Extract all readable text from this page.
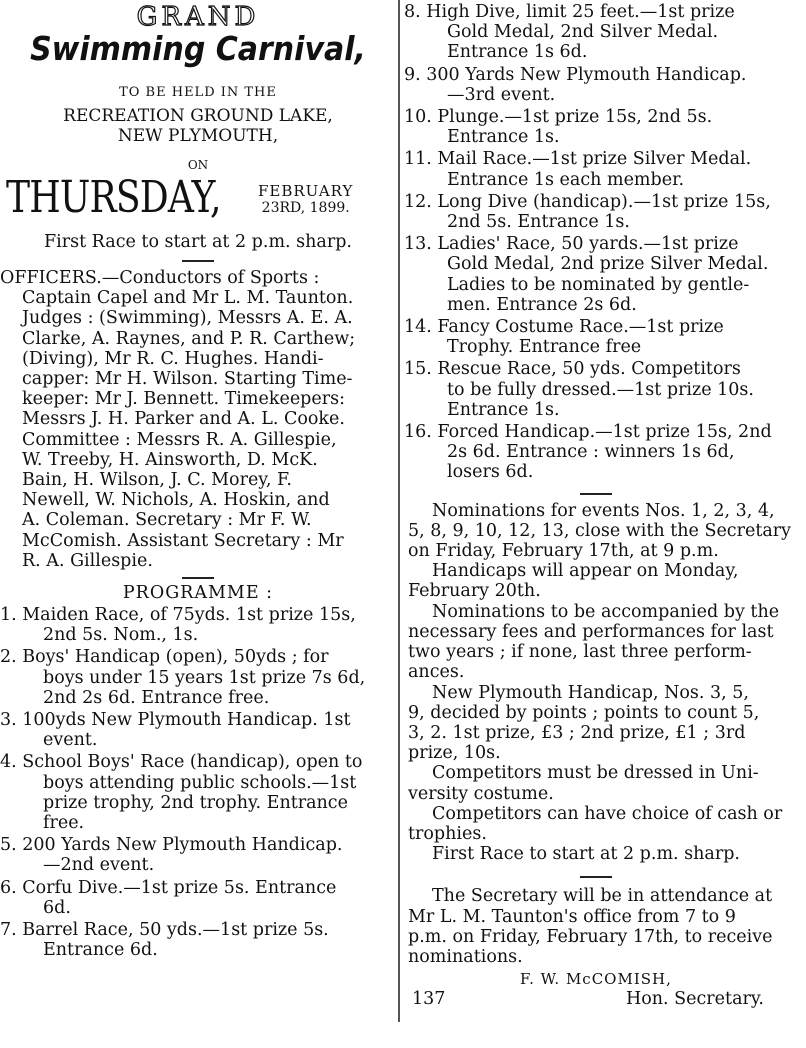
GRAND
Swimming Carnival,
TO BE HELD IN THE
RECREATION GROUND LAKE,
NEW PLYMOUTH,
ON
THURSDAY, FEBRUARY
23RD, 1899.
First Race to start at 2 p.m. sharp.
OFFICERS.—Conductors of Sports :
Captain Capel and Mr L. M. Taunton.
Judges : (Swimming), Messrs A. E. A.
Clarke, A. Raynes, and P. R. Carthew;
(Diving), Mr R. C. Hughes. Handi-
capper: Mr H. Wilson. Starting Time-
keeper: Mr J. Bennett. Timekeepers:
Messrs J. H. Parker and A. L. Cooke.
Committee : Messrs R. A. Gillespie,
W. Treeby, H. Ainsworth, D. McK.
Bain, H. Wilson, J. C. Morey, F.
Newell, W. Nichols, A. Hoskin, and
A. Coleman. Secretary : Mr F. W.
McComish. Assistant Secretary : Mr
R. A. Gillespie.
PROGRAMME :
1. Maiden Race, of 75yds. 1st prize 15s,
2nd 5s. Nom., 1s.
2. Boys' Handicap (open), 50yds ; for
boys under 15 years 1st prize 7s 6d,
2nd 2s 6d. Entrance free.
3. 100yds New Plymouth Handicap. 1st
event.
4. School Boys' Race (handicap), open to
boys attending public schools.—1st
prize trophy, 2nd trophy. Entrance
free.
5. 200 Yards New Plymouth Handicap.
—2nd event.
6. Corfu Dive.—1st prize 5s. Entrance
6d.
7. Barrel Race, 50 yds.—1st prize 5s.
Entrance 6d.
8. High Dive, limit 25 feet.—1st prize
Gold Medal, 2nd Silver Medal.
Entrance 1s 6d.
9. 300 Yards New Plymouth Handicap.
—3rd event.
10. Plunge.—1st prize 15s, 2nd 5s.
Entrance 1s.
11. Mail Race.—1st prize Silver Medal.
Entrance 1s each member.
12. Long Dive (handicap).—1st prize 15s,
2nd 5s. Entrance 1s.
13. Ladies' Race, 50 yards.—1st prize
Gold Medal, 2nd prize Silver Medal.
Ladies to be nominated by gentle-
men. Entrance 2s 6d.
14. Fancy Costume Race.—1st prize
Trophy. Entrance free
15. Rescue Race, 50 yds. Competitors
to be fully dressed.—1st prize 10s.
Entrance 1s.
16. Forced Handicap.—1st prize 15s, 2nd
2s 6d. Entrance : winners 1s 6d,
losers 6d.
Nominations for events Nos. 1, 2, 3, 4,
5, 8, 9, 10, 12, 13, close with the Secretary
on Friday, February 17th, at 9 p.m.
Handicaps will appear on Monday,
February 20th.
Nominations to be accompanied by the
necessary fees and performances for last
two years ; if none, last three perform-
ances.
New Plymouth Handicap, Nos. 3, 5,
9, decided by points ; points to count 5,
3, 2. 1st prize, £3 ; 2nd prize, £1 ; 3rd
prize, 10s.
Competitors must be dressed in Uni-
versity costume.
Competitors can have choice of cash or
trophies.
First Race to start at 2 p.m. sharp.
The Secretary will be in attendance at
Mr L. M. Taunton's office from 7 to 9
p.m. on Friday, February 17th, to receive
nominations.
F. W. McCOMISH,
137	Hon. Secretary.
